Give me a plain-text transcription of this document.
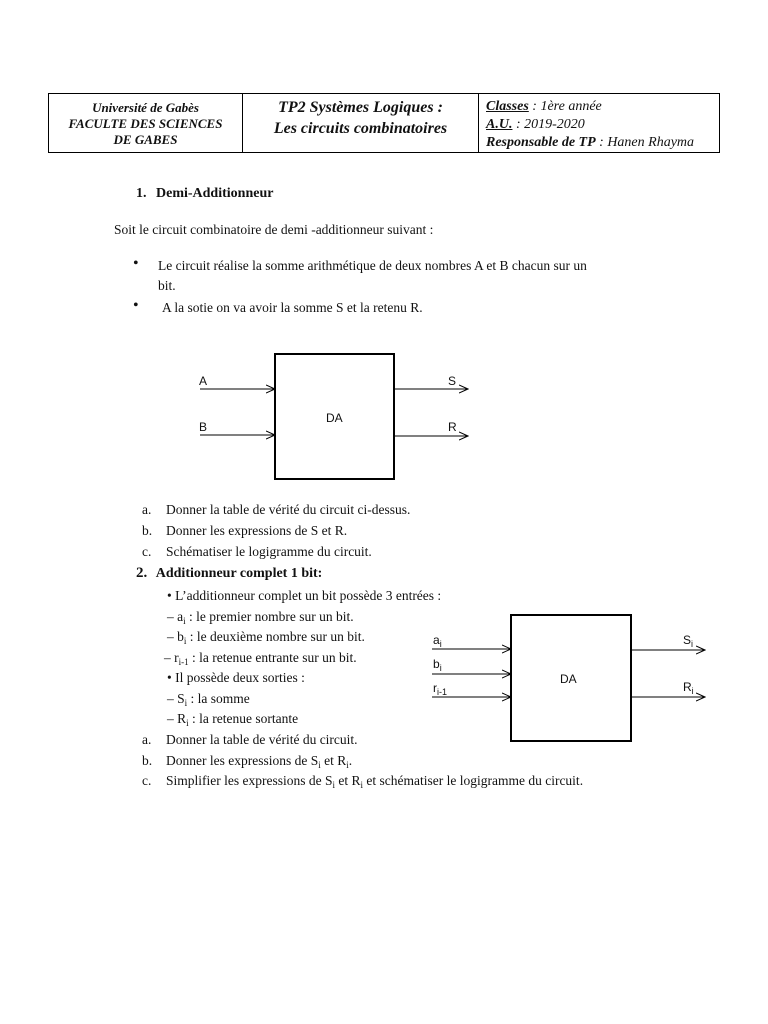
Université de Gabès
FACULTE DES SCIENCES
DE GABES
TP2 Systèmes Logiques :
Les circuits combinatoires
Classes : 1ère année
A.U. : 2019-2020
Responsable de TP : Hanen Rhayma
1. Demi-Additionneur
Soit le circuit combinatoire de demi -additionneur suivant :
• Le circuit réalise la somme arithmétique de deux nombres A et B chacun sur un
bit.
• A la sotie on va avoir la somme S et la retenu R.
A
B
DA
S
R
a. Donner la table de vérité du circuit ci-dessus.
b. Donner les expressions de S et R.
c. Schématiser le logigramme du circuit.
2. Additionneur complet 1 bit:
• L’additionneur complet un bit possède 3 entrées :
– $a_i$ : le premier nombre sur un bit.
– $b_i$ : le deuxième nombre sur un bit.
– $r_{i-1}$ : la retenue entrante sur un bit.
• Il possède deux sorties :
– $S_i$ : la somme
– $R_i$ : la retenue sortante
$a_i$
$b_i$
$r_{i-1}$
DA
$S_i$
$R_i$
a. Donner la table de vérité du circuit.
b. Donner les expressions de $S_i$ et $R_i$.
c. Simplifier les expressions de $S_i$ et $R_i$ et schématiser le logigramme du circuit.
